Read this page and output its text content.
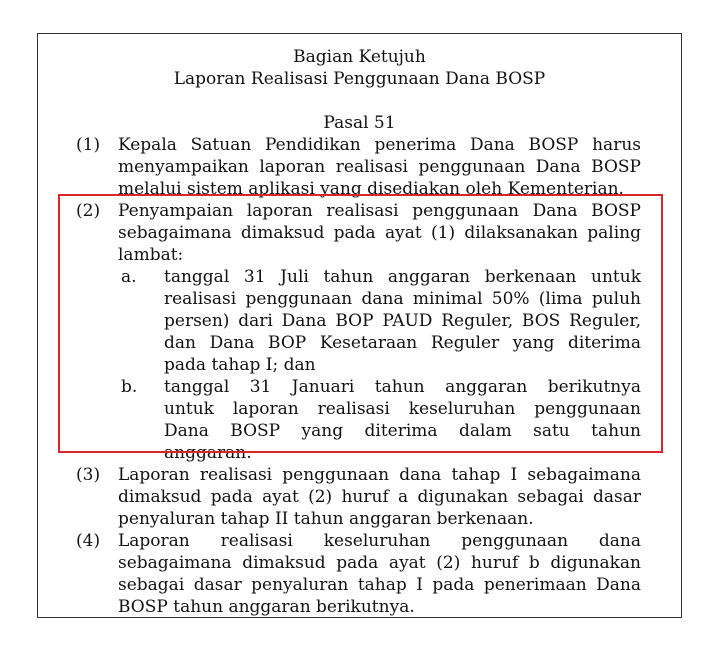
Bagian Ketujuh
Laporan Realisasi Penggunaan Dana BOSP
Pasal 51
(1) Kepala Satuan Pendidikan penerima Dana BOSP harus
menyampaikan laporan realisasi penggunaan Dana BOSP
melalui sistem aplikasi yang disediakan oleh Kementerian.
(2) Penyampaian laporan realisasi penggunaan Dana BOSP
sebagaimana dimaksud pada ayat (1) dilaksanakan paling
lambat:
a. tanggal 31 Juli tahun anggaran berkenaan untuk
realisasi penggunaan dana minimal 50% (lima puluh
persen) dari Dana BOP PAUD Reguler, BOS Reguler,
dan Dana BOP Kesetaraan Reguler yang diterima
pada tahap I; dan
b. tanggal 31 Januari tahun anggaran berikutnya
untuk laporan realisasi keseluruhan penggunaan
Dana BOSP yang diterima dalam satu tahun
anggaran.
(3) Laporan realisasi penggunaan dana tahap I sebagaimana
dimaksud pada ayat (2) huruf a digunakan sebagai dasar
penyaluran tahap II tahun anggaran berkenaan.
(4) Laporan realisasi keseluruhan penggunaan dana
sebagaimana dimaksud pada ayat (2) huruf b digunakan
sebagai dasar penyaluran tahap I pada penerimaan Dana
BOSP tahun anggaran berikutnya.
